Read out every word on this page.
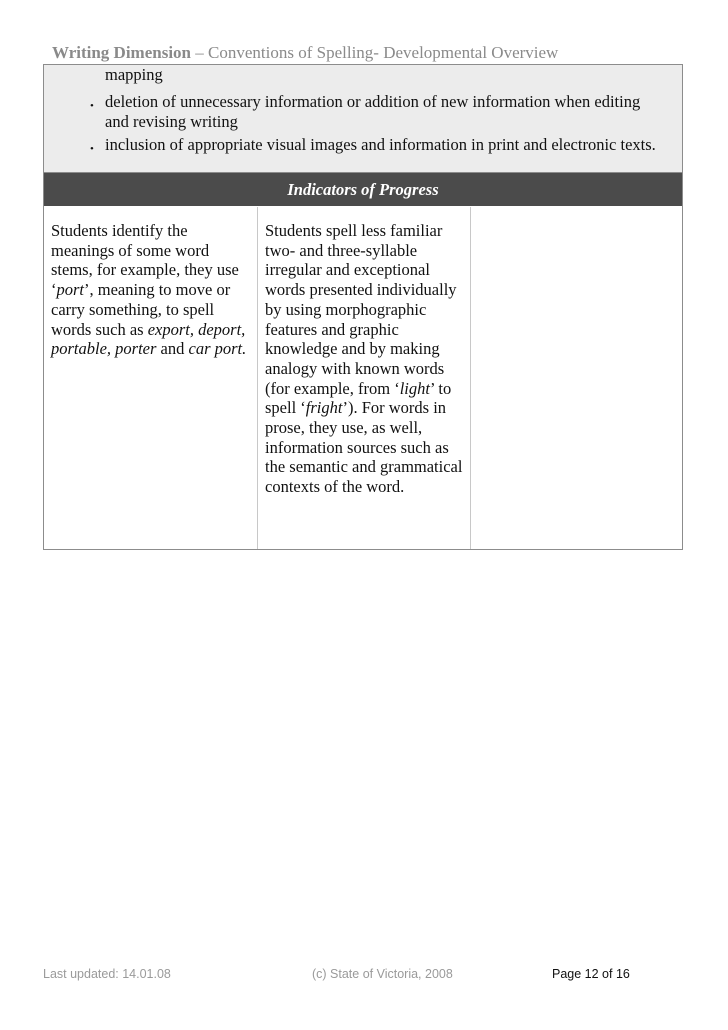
Writing Dimension – Conventions of Spelling- Developmental Overview
mapping
• deletion of unnecessary information or addition of new information when editing
and revising writing
• inclusion of appropriate visual images and information in print and electronic texts.
Indicators of Progress
Students identify the meanings of some word stems, for example, they use ‘port’, meaning to move or carry something, to spell words such as export, deport, portable, porter and car port.
Students spell less familiar two- and three-syllable irregular and exceptional words presented individually by using morphographic features and graphic knowledge and by making analogy with known words (for example, from ‘light’ to spell ‘fright’). For words in prose, they use, as well, information sources such as the semantic and grammatical contexts of the word.
Last updated: 14.01.08	(c) State of Victoria, 2008	Page 12 of 16
